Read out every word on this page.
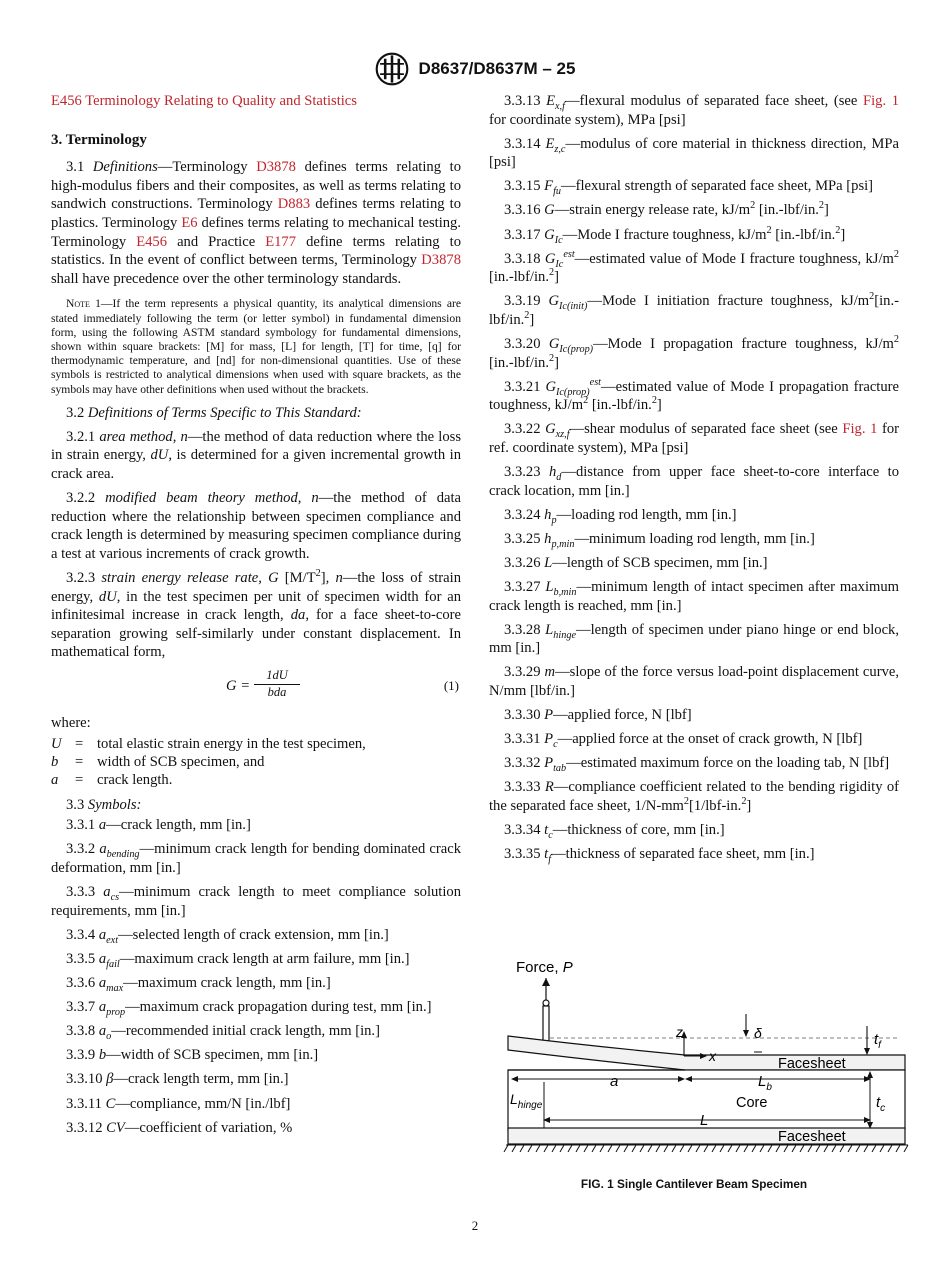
D8637/D8637M – 25

E456 Terminology Relating to Quality and Statistics

3. Terminology

3.1 Definitions—Terminology D3878 defines terms relating to high-modulus fibers and their composites, as well as terms relating to sandwich constructions. Terminology D883 defines terms relating to plastics. Terminology E6 defines terms relating to mechanical testing. Terminology E456 and Practice E177 define terms relating to statistics. In the event of conflict between terms, Terminology D3878 shall have precedence over the other terminology standards.

Note 1—If the term represents a physical quantity, its analytical dimensions are stated immediately following the term (or letter symbol) in fundamental dimension form, using the following ASTM standard symbology for fundamental dimensions, shown within square brackets: [M] for mass, [L] for length, [T] for time, [q] for thermodynamic temperature, and [nd] for non-dimensional quantities. Use of these symbols is restricted to analytical dimensions when used with square brackets, as the symbols may have other definitions when used without the brackets.

3.2 Definitions of Terms Specific to This Standard:

3.2.1 area method, n—the method of data reduction where the loss in strain energy, dU, is determined for a given incremental growth in crack area.

3.2.2 modified beam theory method, n—the method of data reduction where the relationship between specimen compliance and crack length is determined by measuring specimen compliance during a test at various increments of crack growth.

3.2.3 strain energy release rate, G $[M/T^2]$, n—the loss of strain energy, dU, in the test specimen per unit of specimen width for an infinitesimal increase in crack length, da, for a face sheet-to-core separation growing self-similarly under constant displacement. In mathematical form,

G =
1dU
bda	(1)

where:

U	=	total elastic strain energy in the test specimen,
b	=	width of SCB specimen, and
a	=	crack length.

3.3 Symbols:

3.3.1 a—crack length, mm [in.]

3.3.2 $a_{bending}—minimum$ crack length for bending dominated crack deformation, mm [in.]

3.3.3 $a_{cs}—minimum$ crack length to meet compliance solution requirements, mm [in.]

3.3.4 $a_{ext}—selected$ length of crack extension, mm [in.]

3.3.5 $a_{fail}—maximum$ crack length at arm failure, mm [in.]

3.3.6 $a_{max}—maximum$ crack length, mm [in.]

3.3.7 $a_{prop}—maximum$ crack propagation during test, mm [in.]

3.3.8 $a_o—recommended$ initial crack length, mm [in.]

3.3.9 b—width of SCB specimen, mm [in.]

3.3.10 β—crack length term, mm [in.]

3.3.11 C—compliance, mm/N [in./lbf]

3.3.12 CV—coefficient of variation, %

3.3.13 $E_{x,f}—flexural$ modulus of separated face sheet, (see Fig. 1 for coordinate system), MPa [psi]

3.3.14 $E_{z,c}—modulus$ of core material in thickness direction, MPa [psi]

3.3.15 $F_{fu}—flexural$ strength of separated face sheet, MPa [psi]

3.3.16 G—strain energy release rate, $kJ/m^2$ [in.-lbf/in.$^2$]

3.3.17 $G_{Ic}—Mode$ I fracture toughness, $kJ/m^2$ [in.-lbf/in.$^2$]

3.3.18 $G_{Ic}^{est}—estimated$ value of Mode I fracture toughness, $kJ/m^2$ [in.-lbf/in.$^2$]

3.3.19 $G_{Ic(init)}—Mode$ I initiation fracture toughness, $kJ/m^2[in.-lbf/in.^2]$

3.3.20 $G_{Ic(prop)}—Mode$ I propagation fracture toughness, $kJ/m^2$ [in.-lbf/in.$^2$]

3.3.21 $G_{Ic(prop)}^{est}—estimated$ value of Mode I propagation fracture toughness, $kJ/m^2$ [in.-lbf/in.$^2$]

3.3.22 $G_{xz,f}—shear$ modulus of separated face sheet (see Fig. 1 for ref. coordinate system), MPa [psi]

3.3.23 $h_d—distance$ from upper face sheet-to-core interface to crack location, mm [in.]

3.3.24 $h_p—loading$ rod length, mm [in.]

3.3.25 $h_{p,min}—minimum$ loading rod length, mm [in.]

3.3.26 L—length of SCB specimen, mm [in.]

3.3.27 $L_{b,min}—minimum$ length of intact specimen after maximum crack length is reached, mm [in.]

3.3.28 $L_{hinge}—length$ of specimen under piano hinge or end block, mm [in.]

3.3.29 m—slope of the force versus load-point displacement curve, N/mm [lbf/in.]

3.3.30 P—applied force, N [lbf]

3.3.31 $P_c—applied$ force at the onset of crack growth, N [lbf]

3.3.32 $P_{tab}—estimated$ maximum force on the loading tab, N [lbf]

3.3.33 R—compliance coefficient related to the bending rigidity of the separated face sheet, $1/N-mm^2[1/lbf-in.^2]$

3.3.34 $t_c—thickness$ of core, mm [in.]

3.3.35 $t_f—thickness$ of separated face sheet, mm [in.]

Force, P
z
x
δ	$t_f$
Facesheet
a	$L_b$
$L_{hinge}$	Core	$t_c$
L
Facesheet
FIG. 1 Single Cantilever Beam Specimen
2
